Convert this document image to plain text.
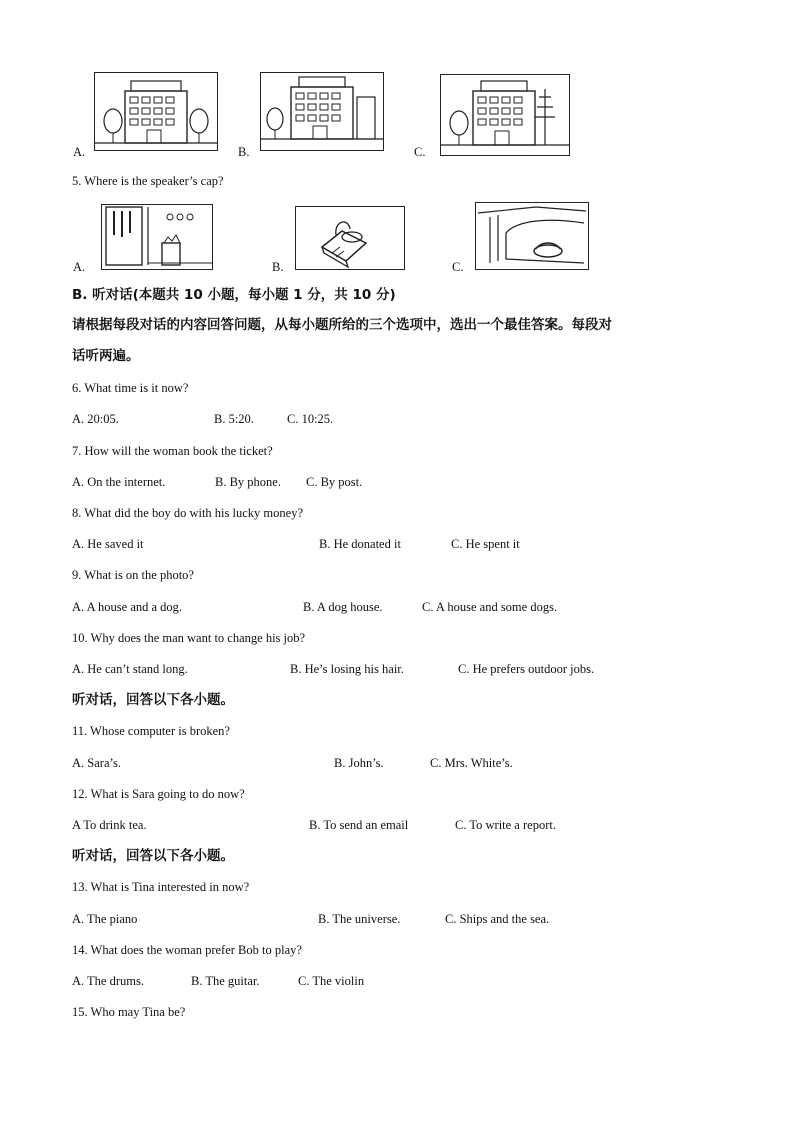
A.	B.	C.
5. Where is the speaker’s cap?
A.	B.	C.
B. 听对话(本题共 10 小题，每小题 1 分，共 10 分)
请根据每段对话的内容回答问题，从每小题所给的三个选项中，选出一个最佳答案。每段对
话听两遍。
6. What time is it now?
A. 20:05.	B. 5:20.	C. 10:25.
7. How will the woman book the ticket?
A. On the internet.	B. By phone. C. By post.
8. What did the boy do with his lucky money?
A. He saved it	B. He donated it	C. He spent it
9. What is on the photo?
A. A house and a dog.	B. A dog house.	C. A house and some dogs.
10. Why does the man want to change his job?
A. He can’t stand long.	B. He’s losing his hair.	C. He prefers outdoor jobs.
听对话，回答以下各小题。
11. Whose computer is broken?
A. Sara’s.	B. John’s.	C. Mrs. White’s.
12. What is Sara going to do now?
A To drink tea.	B. To send an email	C. To write a report.
听对话，回答以下各小题。
13. What is Tina interested in now?
A. The piano	B. The universe.	C. Ships and the sea.
14. What does the woman prefer Bob to play?
A. The drums.	B. The guitar.	C. The violin
15. Who may Tina be?
